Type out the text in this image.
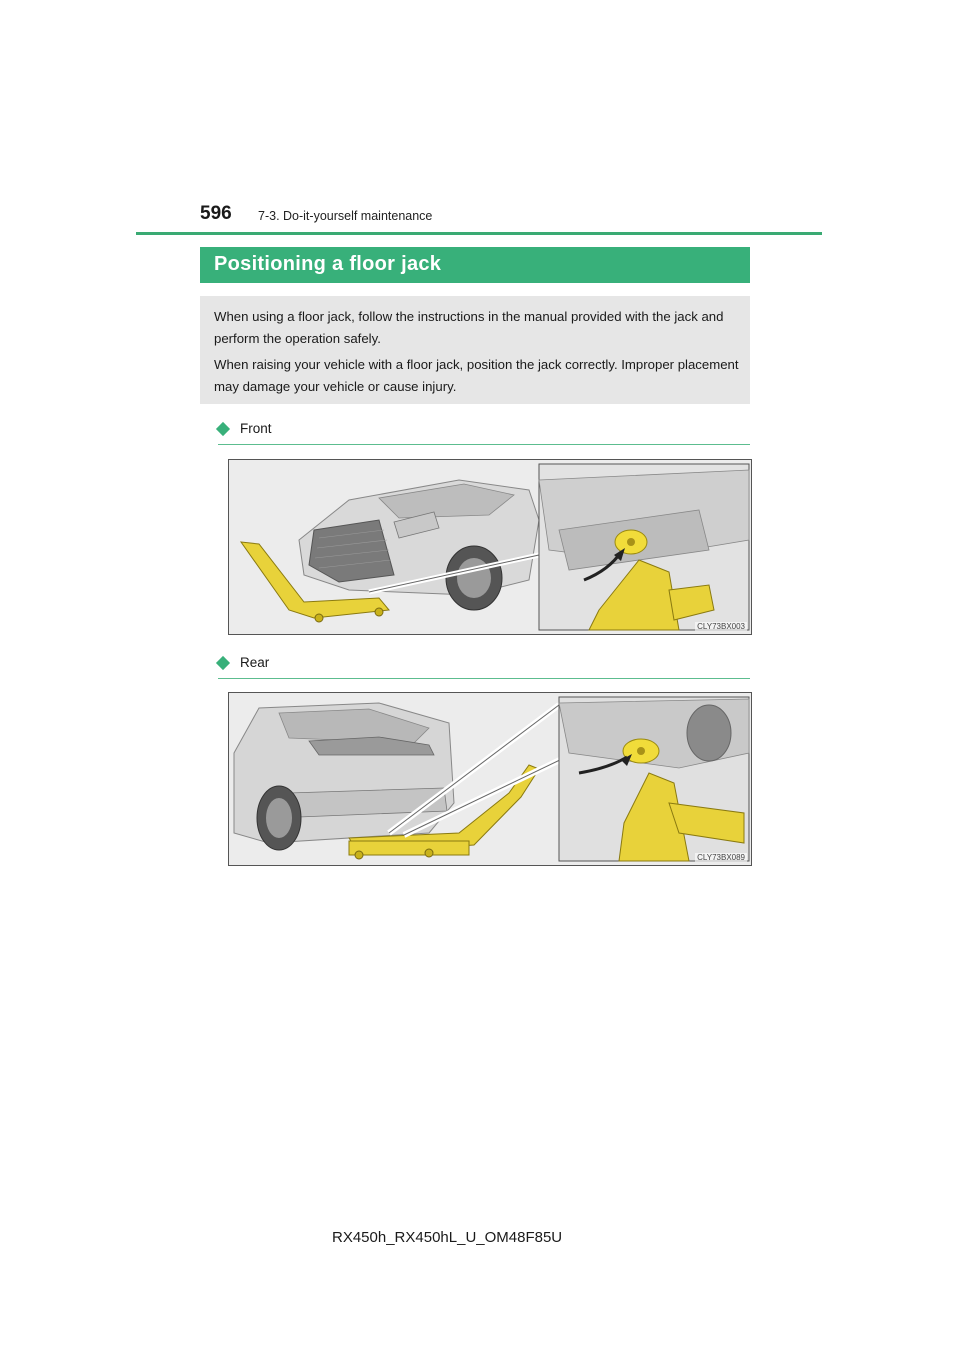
596 7-3. Do-it-yourself maintenance
Positioning a floor jack

When using a floor jack, follow the instructions in the manual provided with the jack and perform the operation safely.

When raising your vehicle with a floor jack, position the jack correctly. Improper placement may damage your vehicle or cause injury.

Front
CLY73BX003
Rear
CLY73BX089
RX450h_RX450hL_U_OM48F85U
